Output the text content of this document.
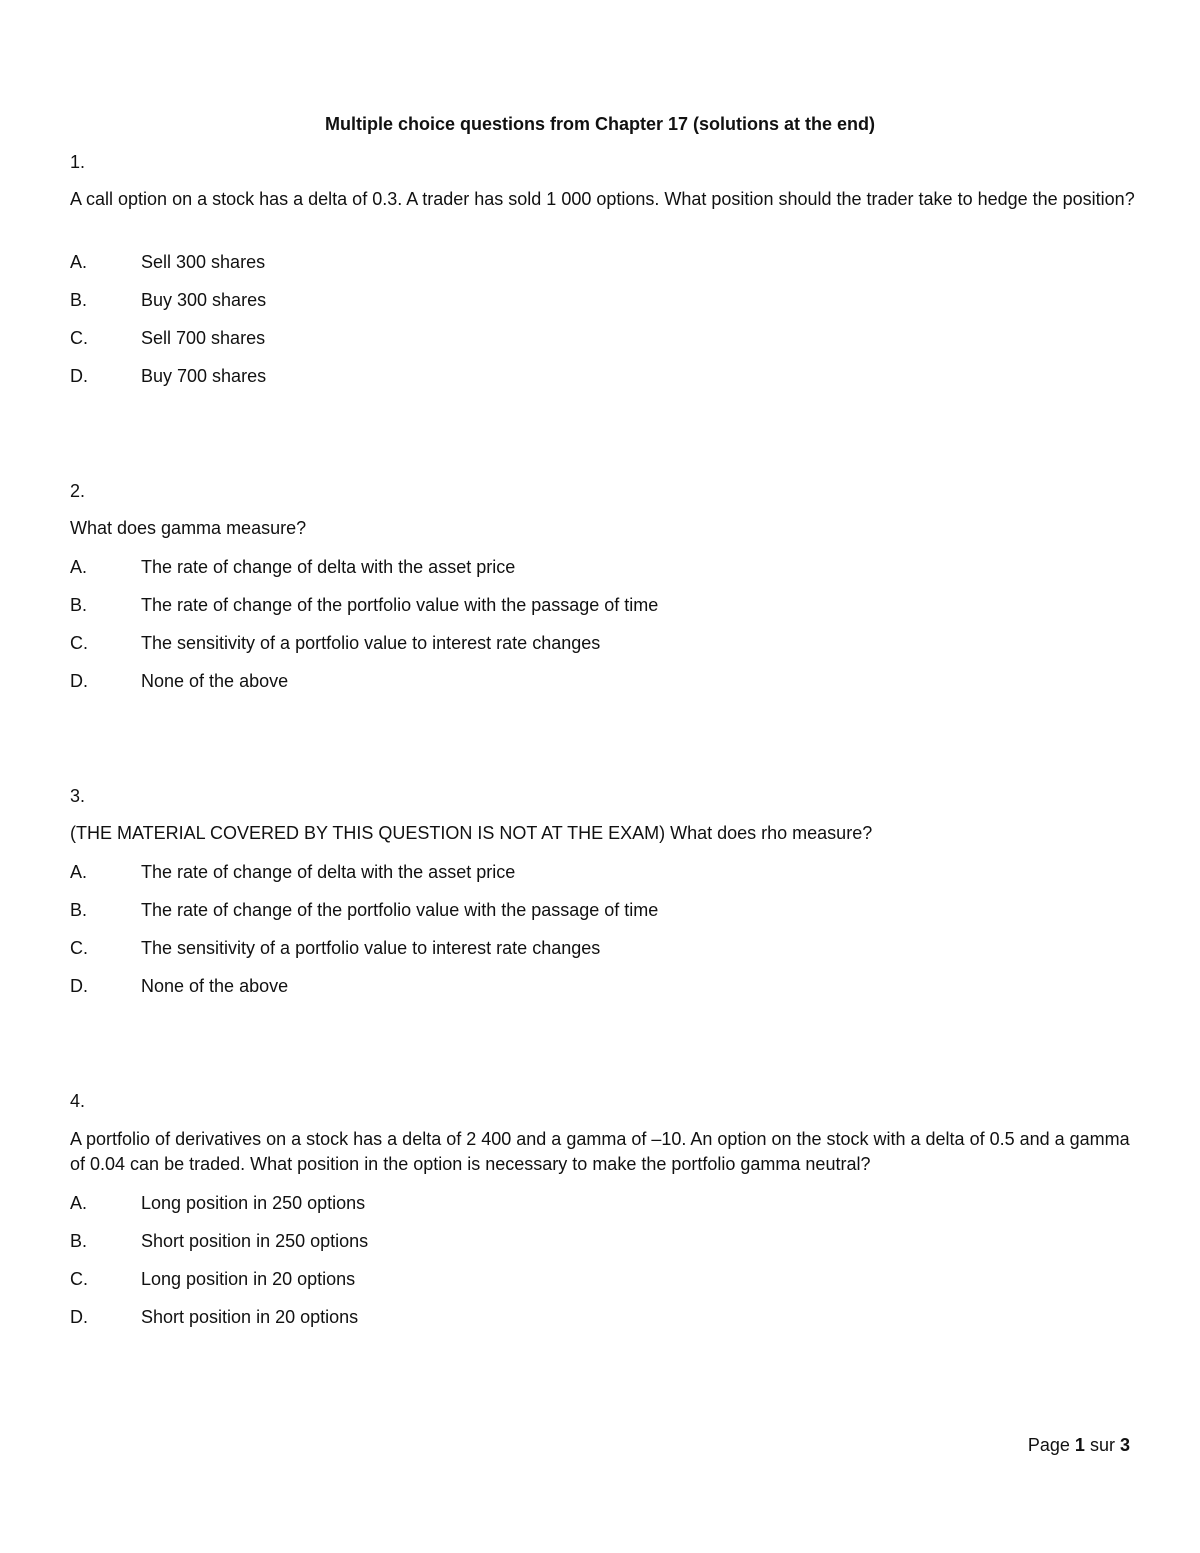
Multiple choice questions from Chapter 17 (solutions at the end)
1.
A call option on a stock has a delta of 0.3. A trader has sold 1 000 options. What position should the trader take to hedge the position?
A.	Sell 300 shares
B.	Buy 300 shares
C.	Sell 700 shares
D.	Buy 700 shares
2.
What does gamma measure?
A.	The rate of change of delta with the asset price
B.	The rate of change of the portfolio value with the passage of time
C.	The sensitivity of a portfolio value to interest rate changes
D.	None of the above
3.
(THE MATERIAL COVERED BY THIS QUESTION IS NOT AT THE EXAM) What does rho measure?
A.	The rate of change of delta with the asset price
B.	The rate of change of the portfolio value with the passage of time
C.	The sensitivity of a portfolio value to interest rate changes
D.	None of the above
4.
A portfolio of derivatives on a stock has a delta of 2 400 and a gamma of –10. An option on the stock with a delta of 0.5 and a gamma of 0.04 can be traded. What position in the option is necessary to make the portfolio gamma neutral?
A.	Long position in 250 options
B.	Short position in 250 options
C.	Long position in 20 options
D.	Short position in 20 options
Page 1 sur 3
